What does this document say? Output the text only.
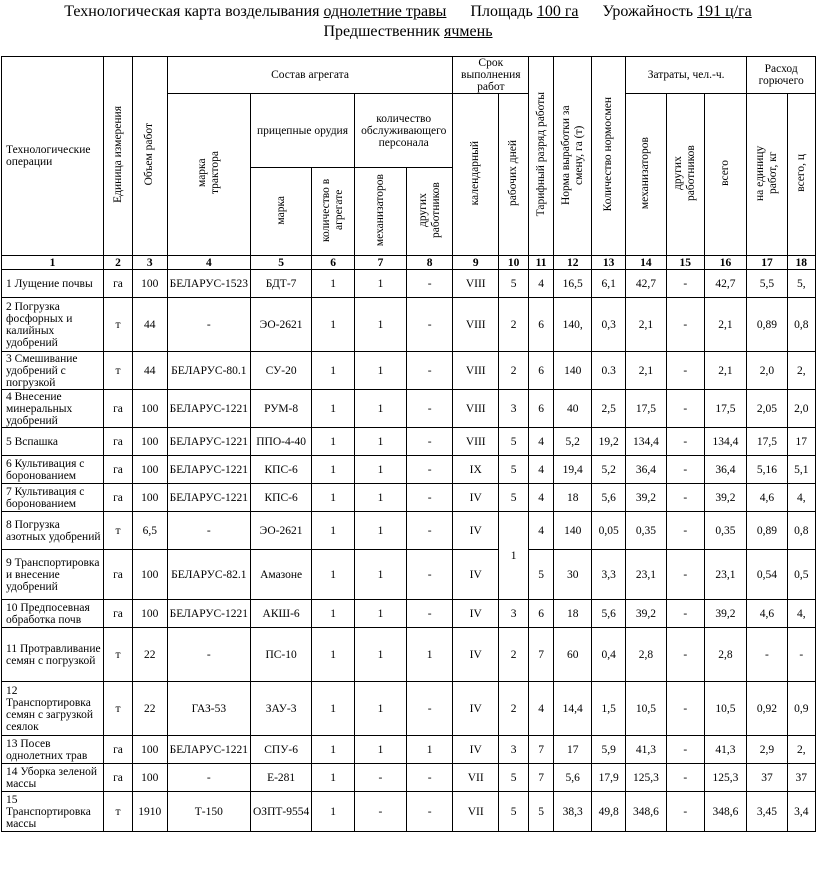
Технологическая карта возделывания однолетние травы Площадь 100 га Урожайность 191 ц/га
Предшественник ячмень
Технологические операции	Единица измерения	Объем работ	Состав агрегата					Срок выполнения работ		Тарифный разряд работы	Норма выработки за смену, га (т)	Количество нормосмен	Затраты, чел.-ч.			Расход горючего	
			марка трактора	прицепные орудия		количество обслуживающего персонала		календарный	рабочих дней				механизаторов	других работников	всего	на единицу работ, кг	всего, ц
				марка	количество в агрегате	механизаторов	других работников										

1	2	3	4	5	6	7	8	9	10	11	12	13	14	15	16	17	18
1 Лущение почвы	га	100	БЕЛАРУС-1523	БДТ-7	1	1	-	VIII	5	4	16,5	6,1	42,7	-	42,7	5,5	5,
2 Погрузка фосфорных и калийных удобрений	т	44	-	ЭО-2621	1	1	-	VIII	2	6	140,	0,3	2,1	-	2,1	0,89	0,8
3 Смешивание удобрений с погрузкой	т	44	БЕЛАРУС-80.1	СУ-20	1	1	-	VIII	2	6	140	0.3	2,1	-	2,1	2,0	2,
4 Внесение минеральных удобрений	га	100	БЕЛАРУС-1221	РУМ-8	1	1	-	VIII	3	6	40	2,5	17,5	-	17,5	2,05	2,0
5 Вспашка	га	100	БЕЛАРУС-1221	ППО-4-40	1	1	-	VIII	5	4	5,2	19,2	134,4	-	134,4	17,5	17
6 Культивация с боронованием	га	100	БЕЛАРУС-1221	КПС-6	1	1	-	IX	5	4	19,4	5,2	36,4	-	36,4	5,16	5,1
7 Культивация с боронованием	га	100	БЕЛАРУС-1221	КПС-6	1	1	-	IV	5	4	18	5,6	39,2	-	39,2	4,6	4,
8 Погрузка азотных удобрений	т	6,5	-	ЭО-2621	1	1	-	IV	1	4	140	0,05	0,35	-	0,35	0,89	0,8
9 Транспортировка и внесение удобрений	га	100	БЕЛАРУС-82.1	Амазоне	1	1	-	IV		5	30	3,3	23,1	-	23,1	0,54	0,5
10 Предпосевная обработка почв	га	100	БЕЛАРУС-1221	АКШ-6	1	1	-	IV	3	6	18	5,6	39,2	-	39,2	4,6	4,
11 Протравливание семян с погрузкой	т	22	-	ПС-10	1	1	1	IV	2	7	60	0,4	2,8	-	2,8	-	-
12 Транспортировка семян с загрузкой сеялок	т	22	ГАЗ-53	ЗАУ-3	1	1	-	IV	2	4	14,4	1,5	10,5	-	10,5	0,92	0,9
13 Посев однолетних трав	га	100	БЕЛАРУС-1221	СПУ-6	1	1	1	IV	3	7	17	5,9	41,3	-	41,3	2,9	2,
14 Уборка зеленой массы	га	100	-	Е-281	1	-	-	VII	5	7	5,6	17,9	125,3	-	125,3	37	37
15 Транспортировка массы	т	1910	Т-150	ОЗПТ-9554	1	-	-	VII	5	5	38,3	49,8	348,6	-	348,6	3,45	3,4
